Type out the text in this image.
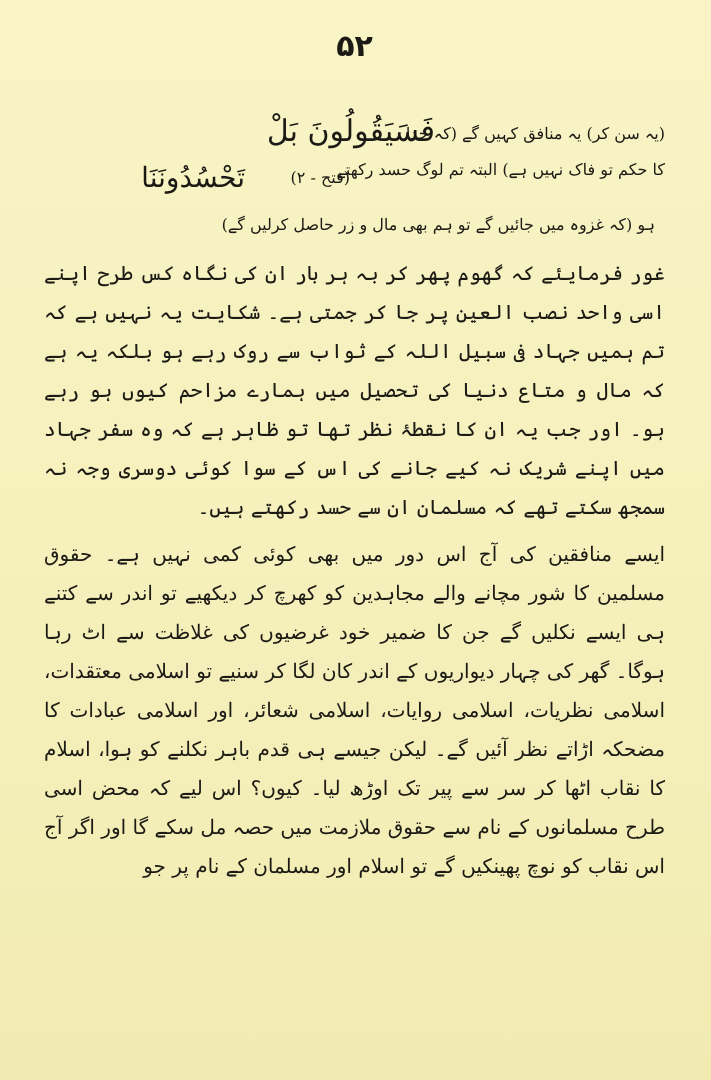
۵۲
فَسَيَقُولُونَ بَلْ
(یہ سن کر) یہ منافق کہیں گے (کہ خدا
تَحْسُدُونَنَا	(فتح - ۲)
کا حکم تو فاک نہیں ہے) البتہ تم لوگ حسد رکھتے
ہو (کہ غزوہ میں جائیں گے تو ہم بھی مال و زر حاصل کرلیں گے)

غور فرمایئے کہ گھوم پھر کر بہ ہر بار ان کی نگاہ کس طرح اپنے اسی واحد نصب العین پر جا کر جمتی ہے۔ شکایت یہ نہیں ہے کہ تم ہمیں جہاد فی سبیل اللہ کے ثواب سے روک رہے ہو بلکہ یہ ہے کہ مال و متاع دنیا کی تحصیل میں ہمارے مزاحم کیوں ہو رہے ہو۔ اور جب یہ ان کا نقطۂ نظر تھا تو ظاہر ہے کہ وہ سفر جہاد میں اپنے شریک نہ کیے جانے کی اس کے سوا کوئی دوسری وجہ نہ سمجھ سکتے تھے کہ مسلمان ان سے حسد رکھتے ہیں۔

ایسے منافقین کی آج اس دور میں بھی کوئی کمی نہیں ہے۔ حقوق مسلمین کا شور مچانے والے مجاہدین کو کھرچ کر دیکھیے تو اندر سے کتنے ہی ایسے نکلیں گے جن کا ضمیر خود غرضیوں کی غلاظت سے اٹ رہا ہوگا۔ گھر کی چہار دیواریوں کے اندر کان لگا کر سنیے تو اسلامی معتقدات، اسلامی نظریات، اسلامی روایات، اسلامی شعائر، اور اسلامی عبادات کا مضحکہ اڑاتے نظر آئیں گے۔ لیکن جیسے ہی قدم باہر نکلنے کو ہوا، اسلام کا نقاب اٹھا کر سر سے پیر تک اوڑھ لیا۔ کیوں؟ اس لیے کہ محض اسی طرح مسلمانوں کے نام سے حقوق ملازمت میں حصہ مل سکے گا اور اگر آج اس نقاب کو نوچ پھینکیں گے تو اسلام اور مسلمان کے نام پر جو
